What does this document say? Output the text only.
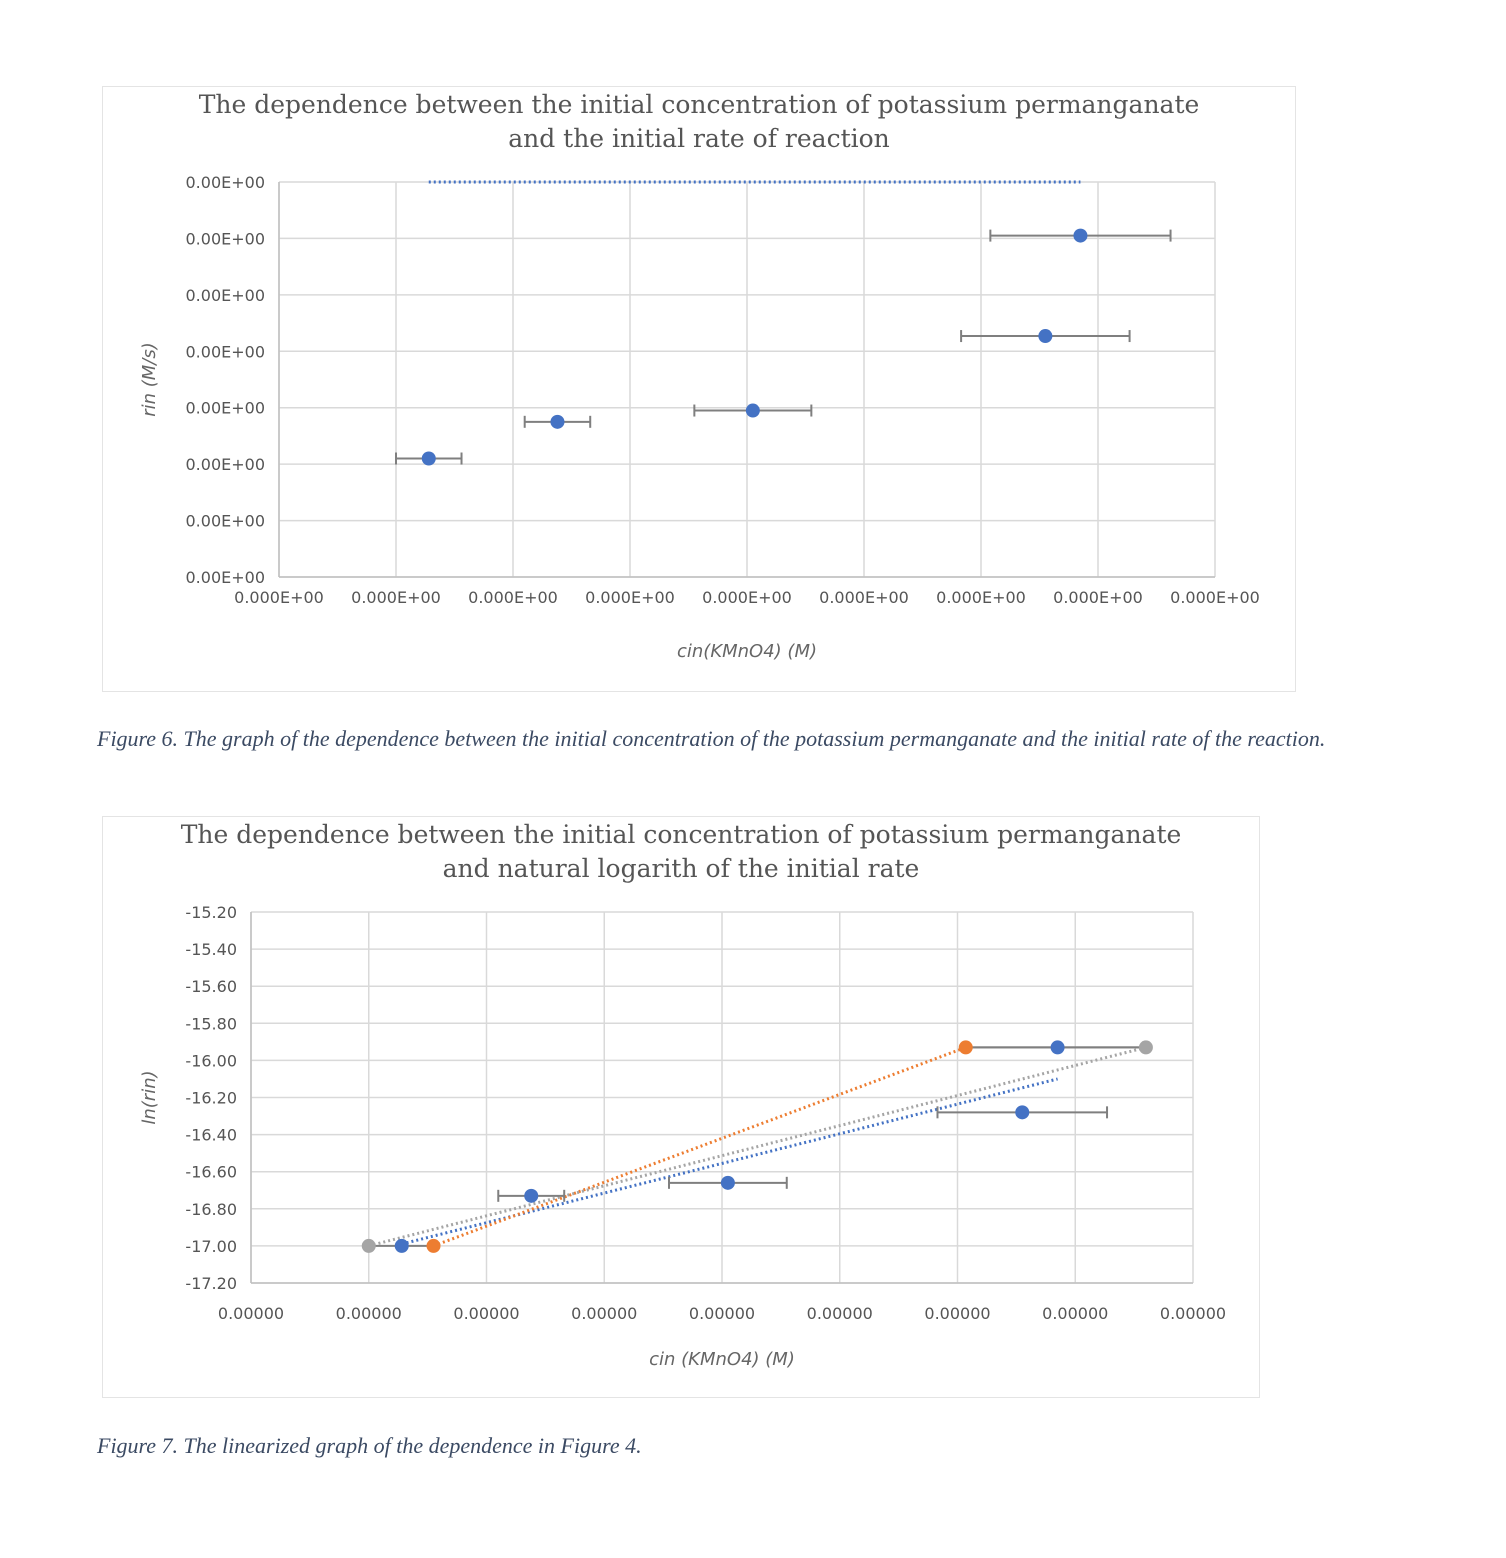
The dependence between the initial concentration of potassium permanganate
and the initial rate of reaction
0.00E+00
0.00E+00
0.00E+00
0.00E+00
0.00E+00
0.00E+00
0.00E+00
0.00E+00
0.000E+00 0.000E+00 0.000E+00 0.000E+00 0.000E+00 0.000E+00 0.000E+00 0.000E+00 0.000E+00
cin(KMnO4) (M)
rin (M/s)
Figure 6. The graph of the dependence between the initial concentration of the potassium permanganate and the initial rate of the reaction.
The dependence between the initial concentration of potassium permanganate
and natural logarith of the initial rate
-15.20
-15.40
-15.60
-15.80
-16.00
-16.20
-16.40
-16.60
-16.80
-17.00
-17.20
0.00000	0.00000	0.00000	0.00000	0.00000	0.00000	0.00000	0.00000	0.00000
cin (KMnO4) (M)
ln(rin)
Figure 7. The linearized graph of the dependence in Figure 4.
